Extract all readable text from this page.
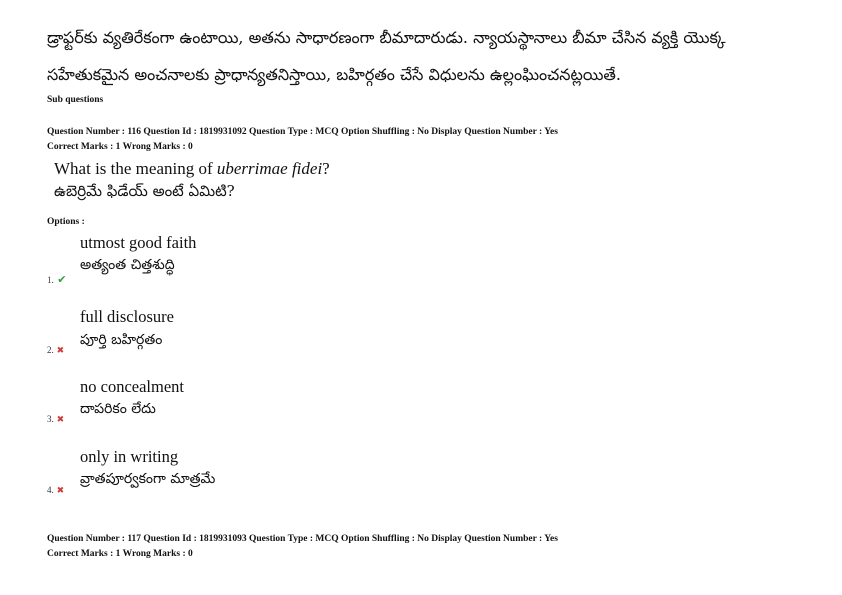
డ్రాఫ్టర్‌కు వ్యతిరేకంగా ఉంటాయి, అతను సాధారణంగా బీమాదారుడు. న్యాయస్థానాలు బీమా చేసిన వ్యక్తి యొక్క
సహేతుకమైన అంచనాలకు ప్రాధాన్యతనిస్తాయి, బహిర్గతం చేసే విధులను ఉల్లంఘించనట్లయితే.
Sub questions
Question Number : 116 Question Id : 1819931092 Question Type : MCQ Option Shuffling : No Display Question Number : Yes
Correct Marks : 1 Wrong Marks : 0
What is the meaning of uberrimae fidei?
ఉబెర్రిమే ఫిడేయ్ అంటే ఏమిటి?
Options :
utmost good faith
అత్యంత చిత్తశుద్ధి
1. ✔
full disclosure
పూర్తి బహిర్గతం
2. ✖
no concealment
దాపరికం లేదు
3. ✖
only in writing
వ్రాతపూర్వకంగా మాత్రమే
4. ✖
Question Number : 117 Question Id : 1819931093 Question Type : MCQ Option Shuffling : No Display Question Number : Yes
Correct Marks : 1 Wrong Marks : 0
